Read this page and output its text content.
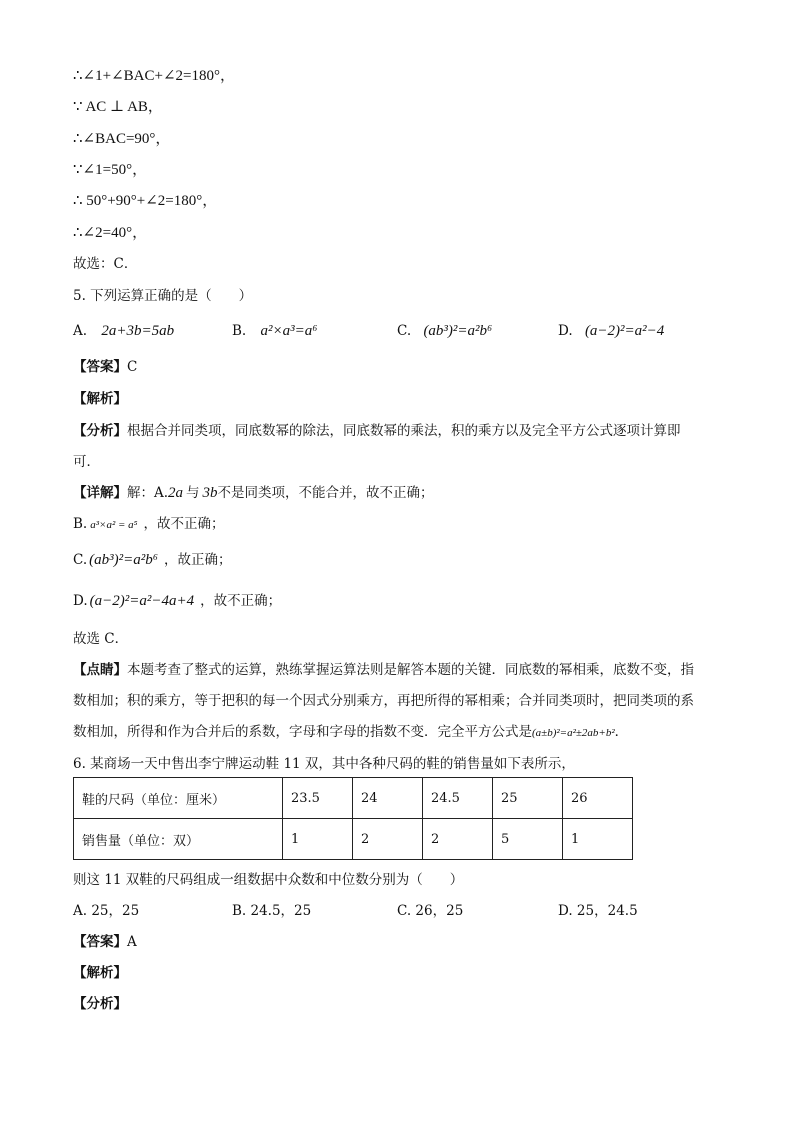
∴∠1+∠BAC+∠2=180°，
∵ AC ⊥ AB，
∴∠BAC=90°，
∵∠1=50°，
∴ 50°+90°+∠2=180°，
∴∠2=40°，
故选：C．
5. 下列运算正确的是（　　）
A. 2a+3b=5ab	B. a²×a³=a⁶	C. (ab³)²=a²b⁶	D. (a−2)²=a²−4
【答案】C
【解析】
【分析】根据合并同类项，同底数幂的除法，同底数幂的乘法，积的乘方以及完全平方公式逐项计算即
可．
【详解】解：A.2a 与 3b不是同类项，不能合并，故不正确；
B. a³×a² = a⁵ ，故不正确；
C. (ab³)²=a²b⁶ ，故正确；
D. (a−2)²=a²−4a+4 ，故不正确；
故选 C．
【点睛】本题考查了整式的运算，熟练掌握运算法则是解答本题的关键．同底数的幂相乘，底数不变，指
数相加；积的乘方，等于把积的每一个因式分别乘方，再把所得的幂相乘；合并同类项时，把同类项的系
数相加，所得和作为合并后的系数，字母和字母的指数不变．完全平方公式是(a±b)²=a²±2ab+b²．
6. 某商场一天中售出李宁牌运动鞋 11 双，其中各种尺码的鞋的销售量如下表所示，
鞋的尺码（单位：厘米）	23.5	24	24.5	25	26
销售量（单位：双）	1	2	2	5	1
则这 11 双鞋的尺码组成一组数据中众数和中位数分别为（　　）
A. 25，25	B. 24.5，25	C. 26，25	D. 25，24.5
【答案】A
【解析】
【分析】
